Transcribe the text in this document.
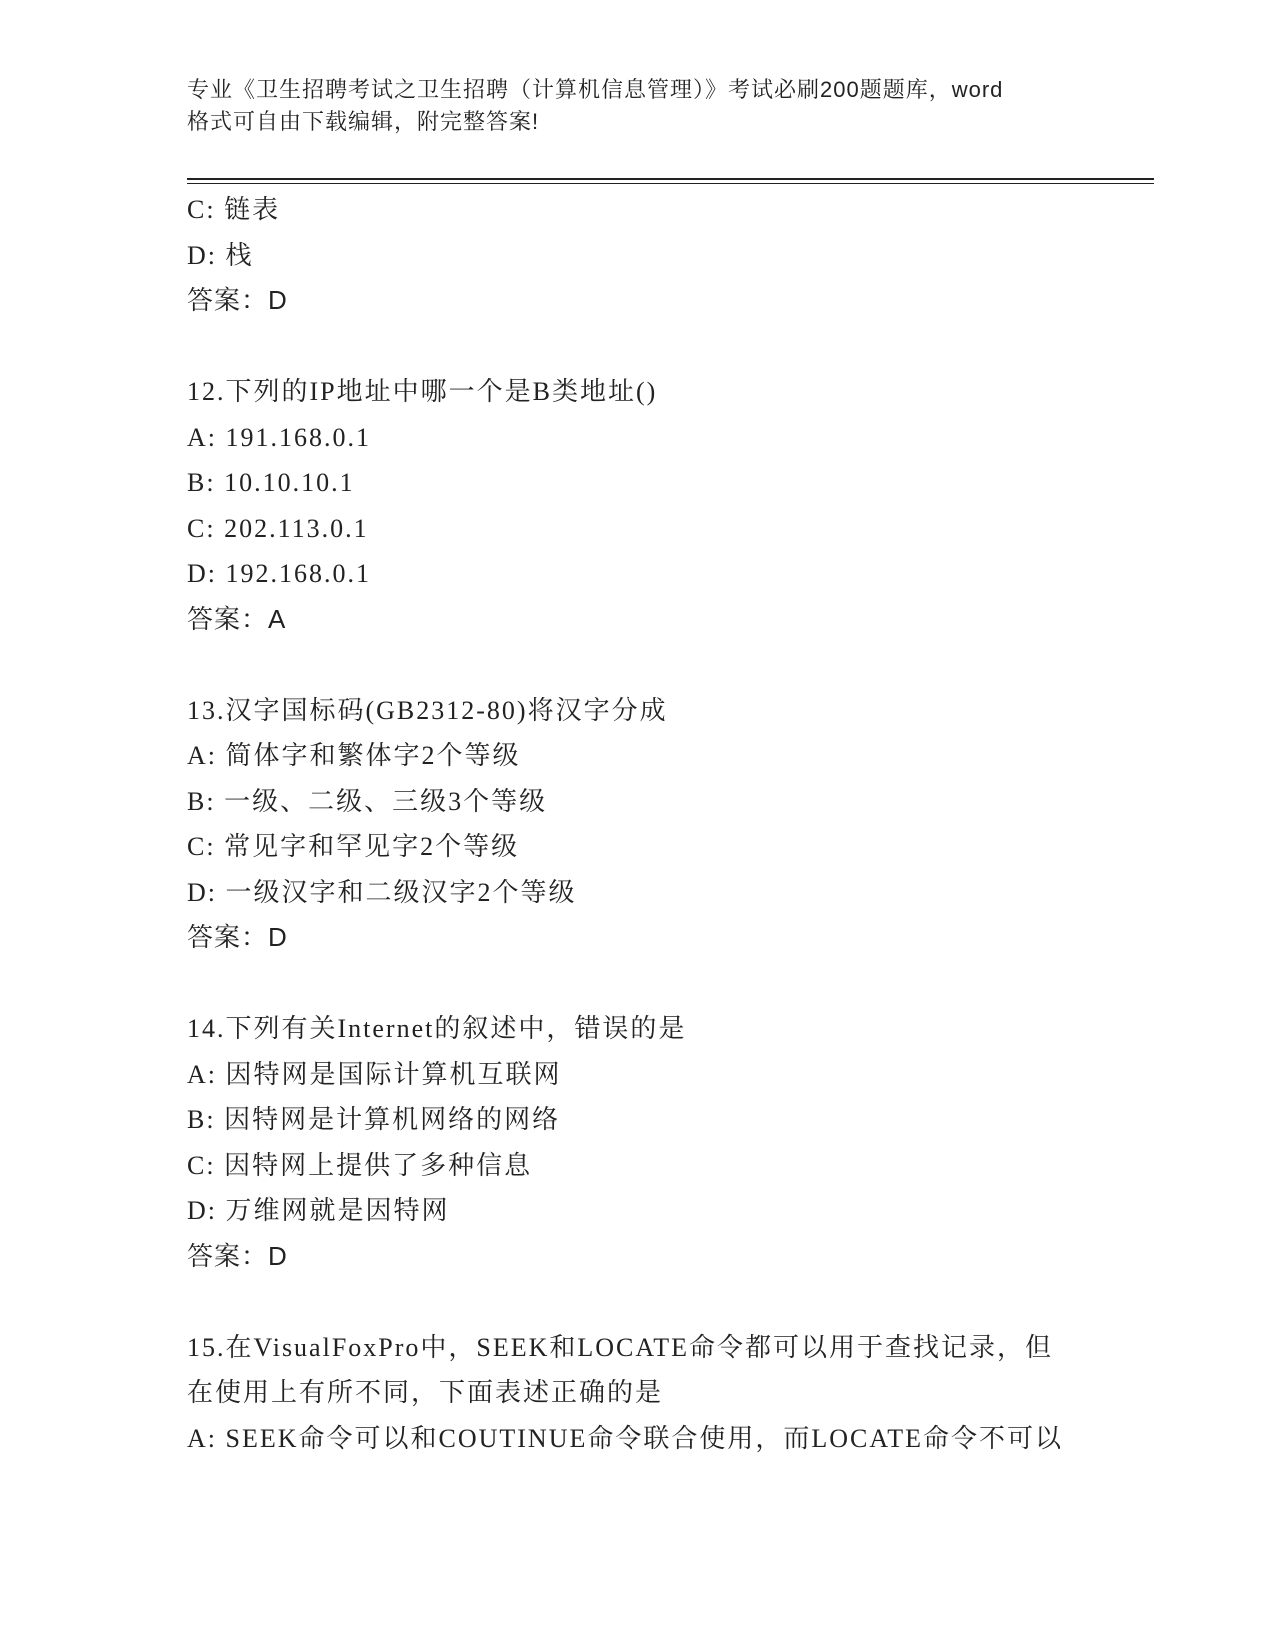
专业《卫生招聘考试之卫生招聘（计算机信息管理）》考试必刷200题题库，word
格式可自由下载编辑，附完整答案!
C: 链表
D: 栈
答案：D
12.下列的IP地址中哪一个是B类地址()
A: 191.168.0.1
B: 10.10.10.1
C: 202.113.0.1
D: 192.168.0.1
答案：A
13.汉字国标码(GB2312-80)将汉字分成
A: 简体字和繁体字2个等级
B: 一级、二级、三级3个等级
C: 常见字和罕见字2个等级
D: 一级汉字和二级汉字2个等级
答案：D
14.下列有关Internet的叙述中，错误的是
A: 因特网是国际计算机互联网
B: 因特网是计算机网络的网络
C: 因特网上提供了多种信息
D: 万维网就是因特网
答案：D
15.在VisualFoxPro中，SEEK和LOCATE命令都可以用于查找记录，但
在使用上有所不同，下面表述正确的是
A: SEEK命令可以和COUTINUE命令联合使用，而LOCATE命令不可以
